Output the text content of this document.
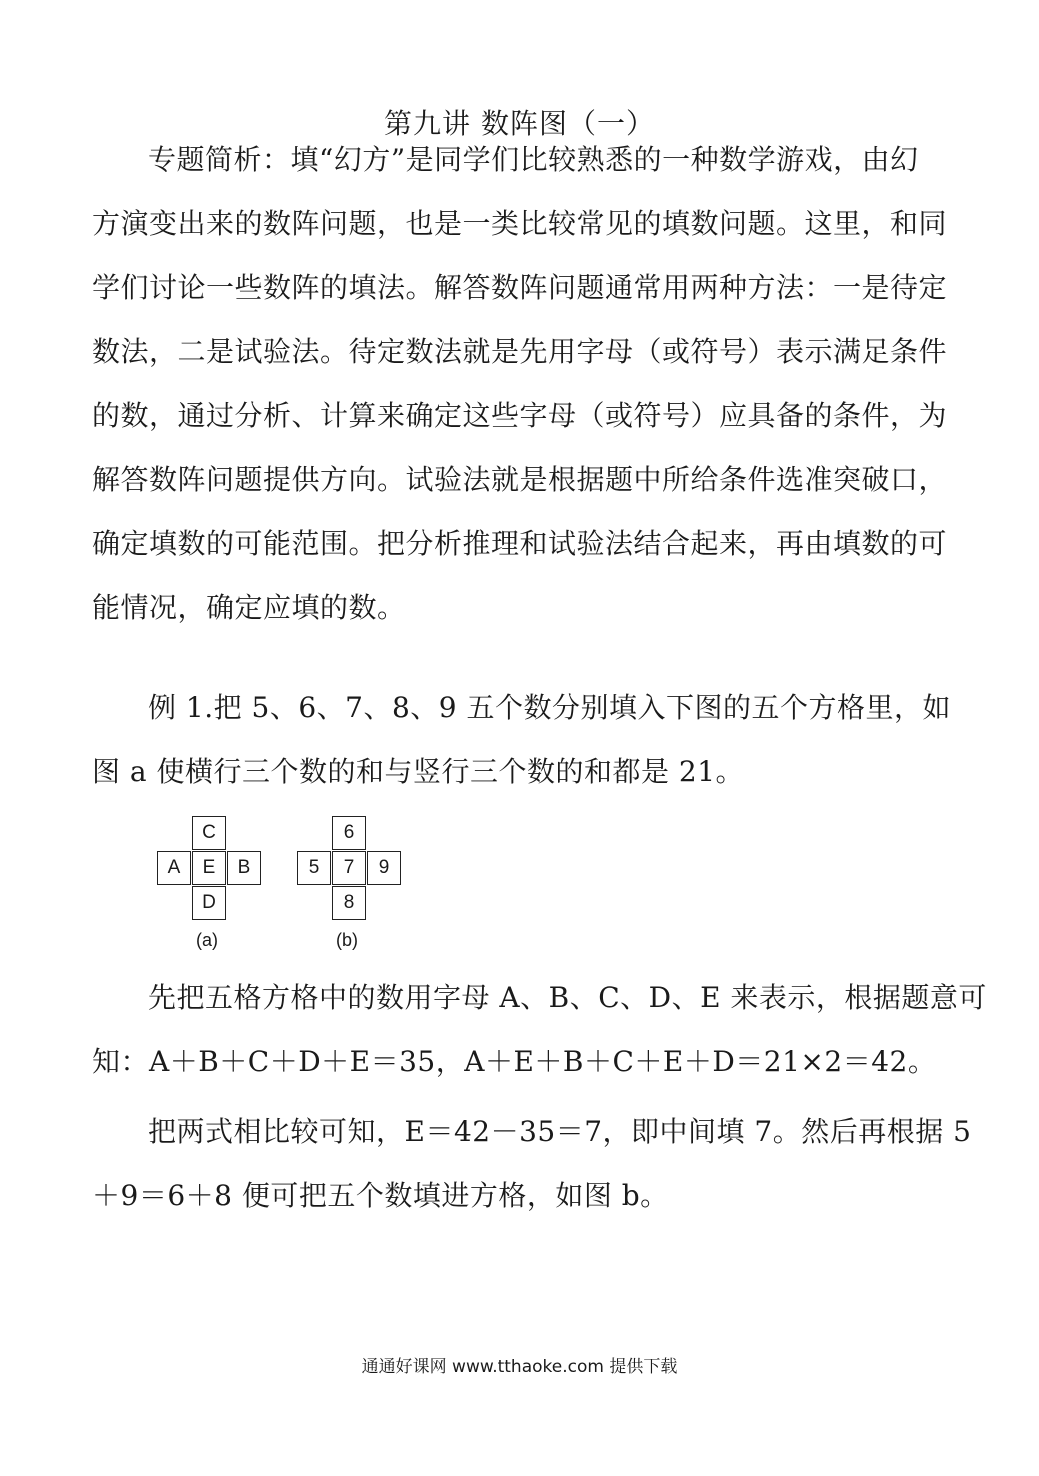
第九讲 数阵图（一）
专题简析：填“幻方”是同学们比较熟悉的一种数学游戏，由幻
方演变出来的数阵问题，也是一类比较常见的填数问题。这里，和同
学们讨论一些数阵的填法。解答数阵问题通常用两种方法：一是待定
数法，二是试验法。待定数法就是先用字母（或符号）表示满足条件
的数，通过分析、计算来确定这些字母（或符号）应具备的条件，为
解答数阵问题提供方向。试验法就是根据题中所给条件选准突破口，
确定填数的可能范围。把分析推理和试验法结合起来，再由填数的可
能情况，确定应填的数。
例 1.把 5、6、7、8、9 五个数分别填入下图的五个方格里，如
图 a 使横行三个数的和与竖行三个数的和都是 21。
C
A	E	B
D
(a)
6
5	7	9
8
(b)
先把五格方格中的数用字母 A、B、C、D、E 来表示，根据题意可
知：A＋B＋C＋D＋E＝35，A＋E＋B＋C＋E＋D＝21×2＝42。
把两式相比较可知，E＝42－35＝7，即中间填 7。然后再根据 5
＋9＝6＋8 便可把五个数填进方格，如图 b。
通通好课网 www.tthaoke.com 提供下载
